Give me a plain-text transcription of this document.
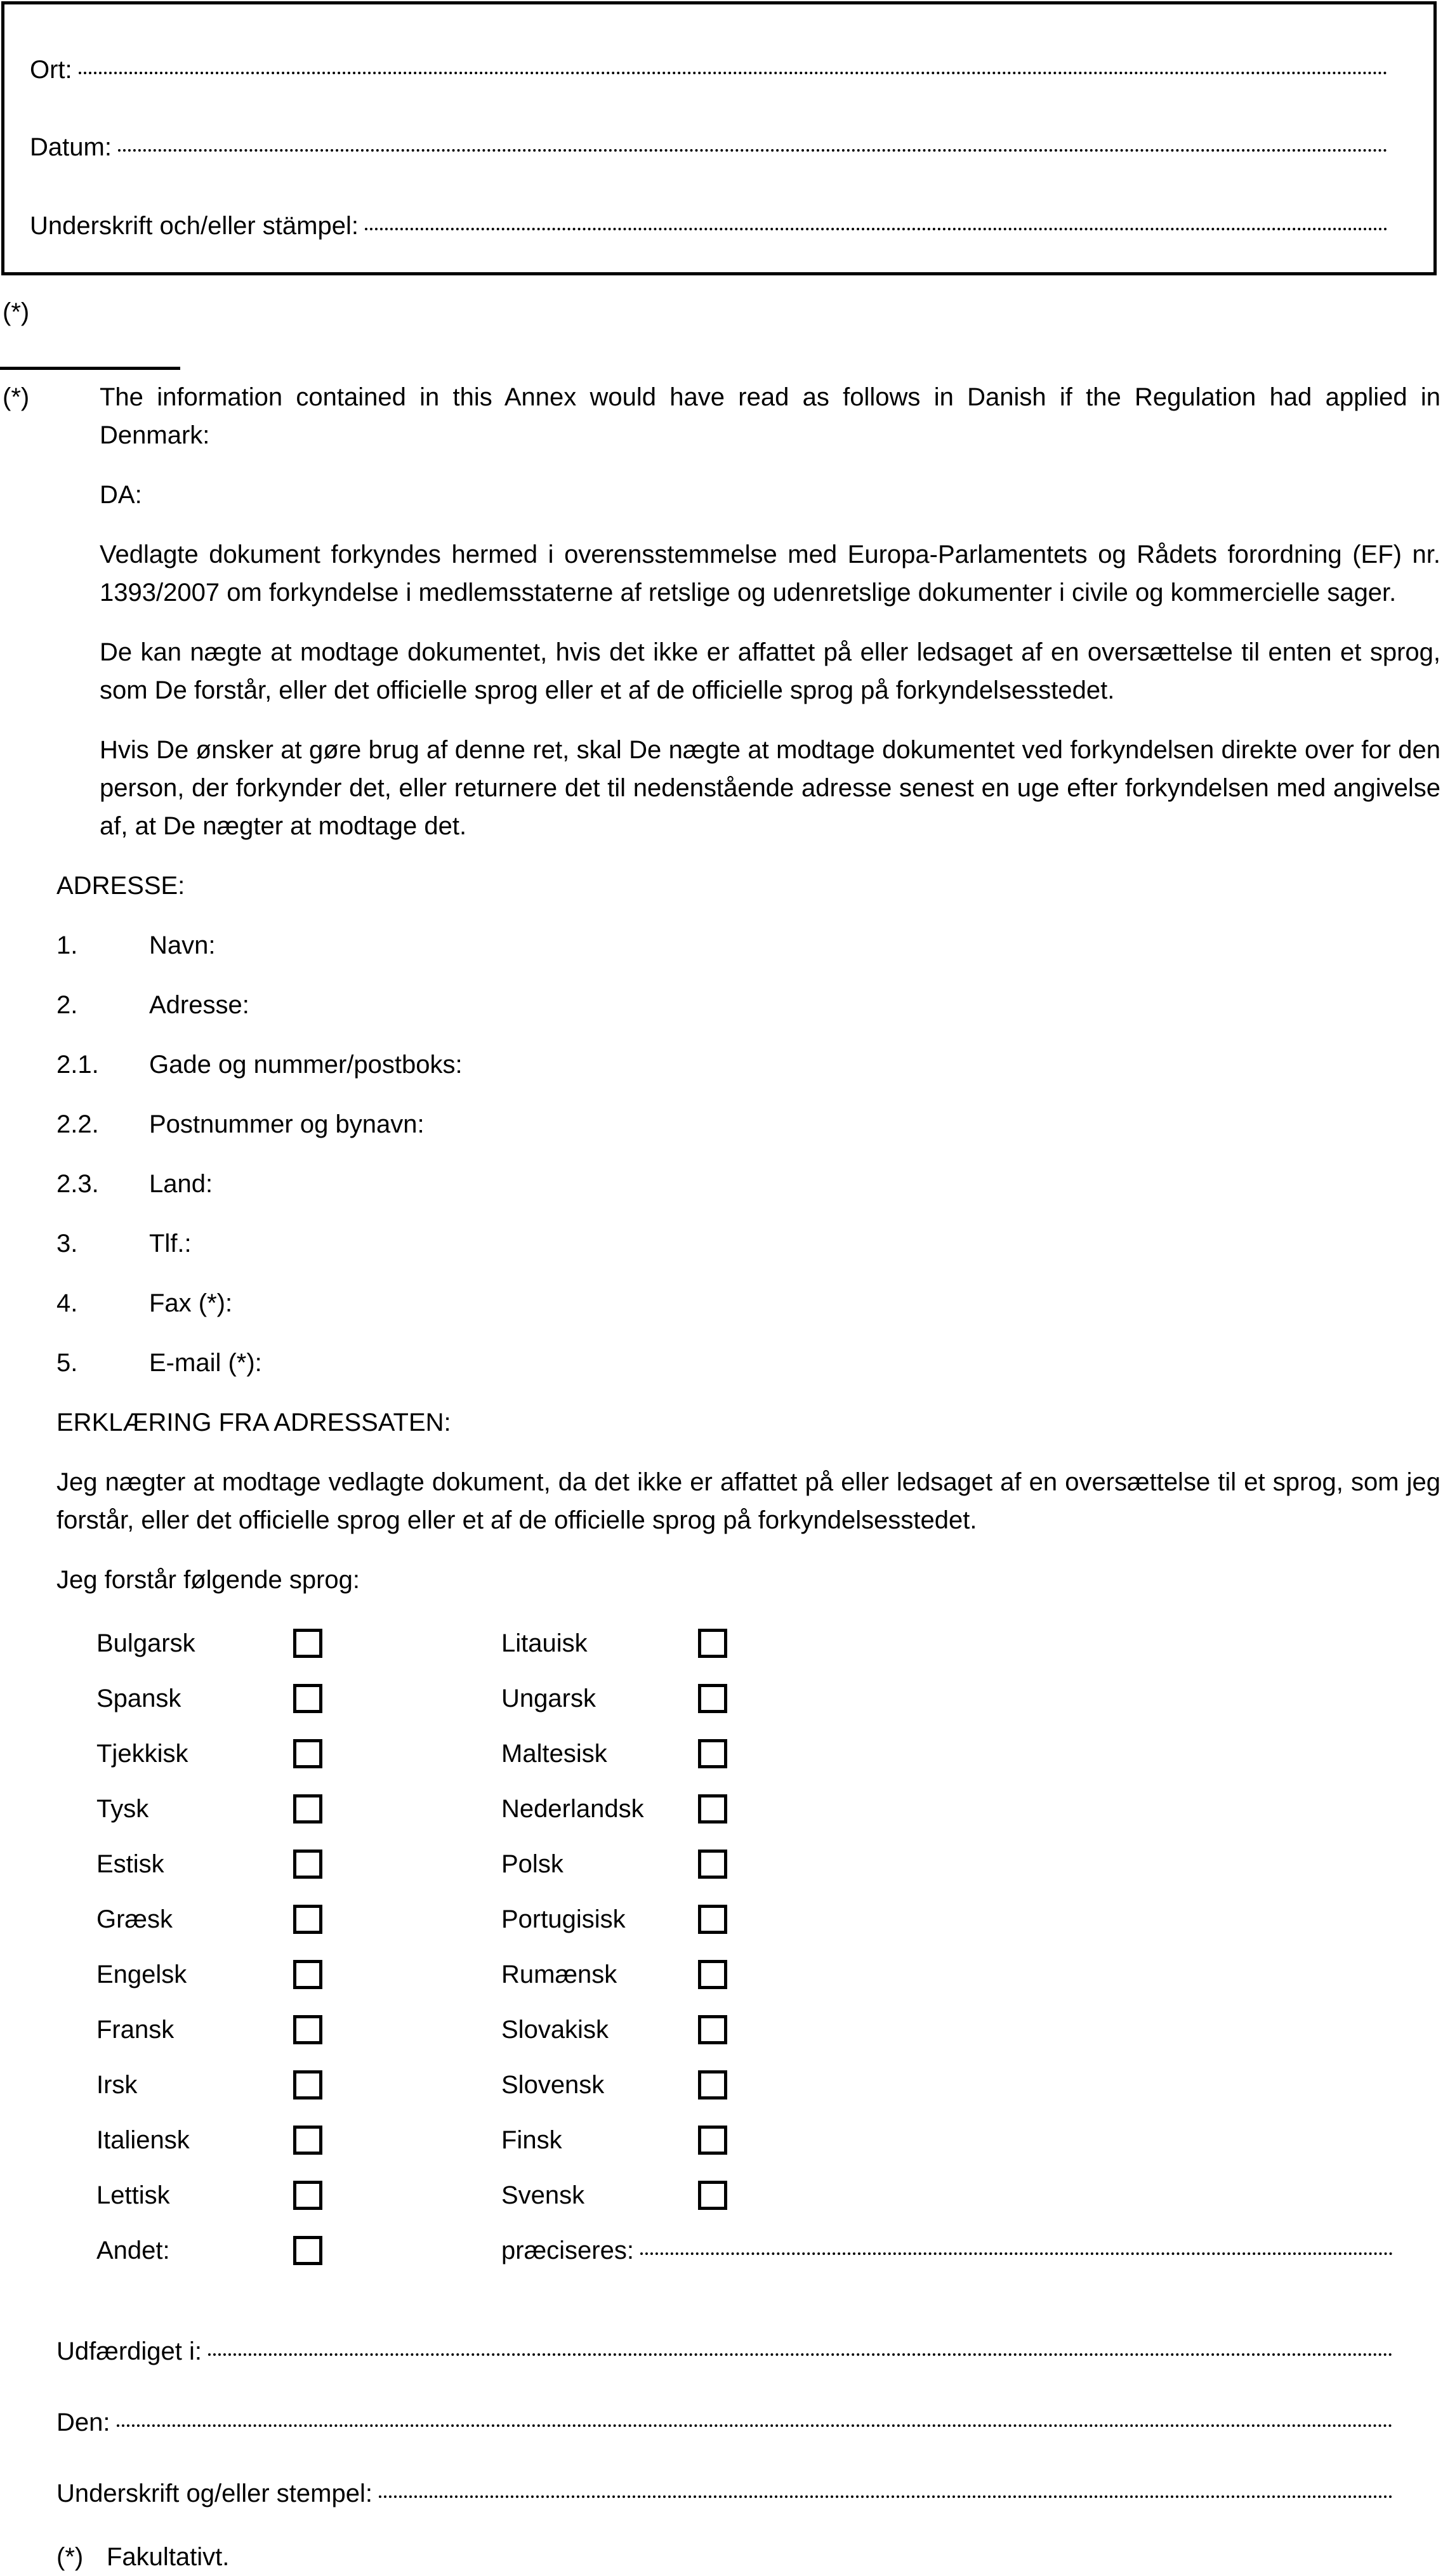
Ort:
Datum:
Underskrift och/eller stämpel:
(*)
(*)	The information contained in this Annex would have read as follows in Danish if the Regulation had applied in Denmark:
DA:
Vedlagte dokument forkyndes hermed i overensstemmelse med Europa-Parlamentets og Rådets forordning (EF) nr. 1393/2007 om forkyndelse i medlemsstaterne af retslige og udenretslige dokumenter i civile og kommercielle sager.
De kan nægte at modtage dokumentet, hvis det ikke er affattet på eller ledsaget af en oversættelse til enten et sprog, som De forstår, eller det officielle sprog eller et af de officielle sprog på forkyndelsesstedet.
Hvis De ønsker at gøre brug af denne ret, skal De nægte at modtage dokumentet ved forkyndelsen direkte over for den person, der forkynder det, eller returnere det til nedenstående adresse senest en uge efter forkyndelsen med angivelse af, at De nægter at modtage det.
ADRESSE:
1.	Navn:
2.	Adresse:
2.1.	Gade og nummer/postboks:
2.2.	Postnummer og bynavn:
2.3.	Land:
3.	Tlf.:
4.	Fax (*):
5.	E-mail (*):
ERKLÆRING FRA ADRESSATEN:
Jeg nægter at modtage vedlagte dokument, da det ikke er affattet på eller ledsaget af en oversættelse til et sprog, som jeg forstår, eller det officielle sprog eller et af de officielle sprog på forkyndelsesstedet.
Jeg forstår følgende sprog:
Bulgarsk	Litauisk
Spansk	Ungarsk
Tjekkisk	Maltesisk
Tysk	Nederlandsk
Estisk	Polsk
Græsk	Portugisisk
Engelsk	Rumænsk
Fransk	Slovakisk
Irsk	Slovensk
Italiensk	Finsk
Lettisk	Svensk
Andet:	præciseres:
Udfærdiget i:
Den:
Underskrift og/eller stempel:
(*) Fakultativt.
